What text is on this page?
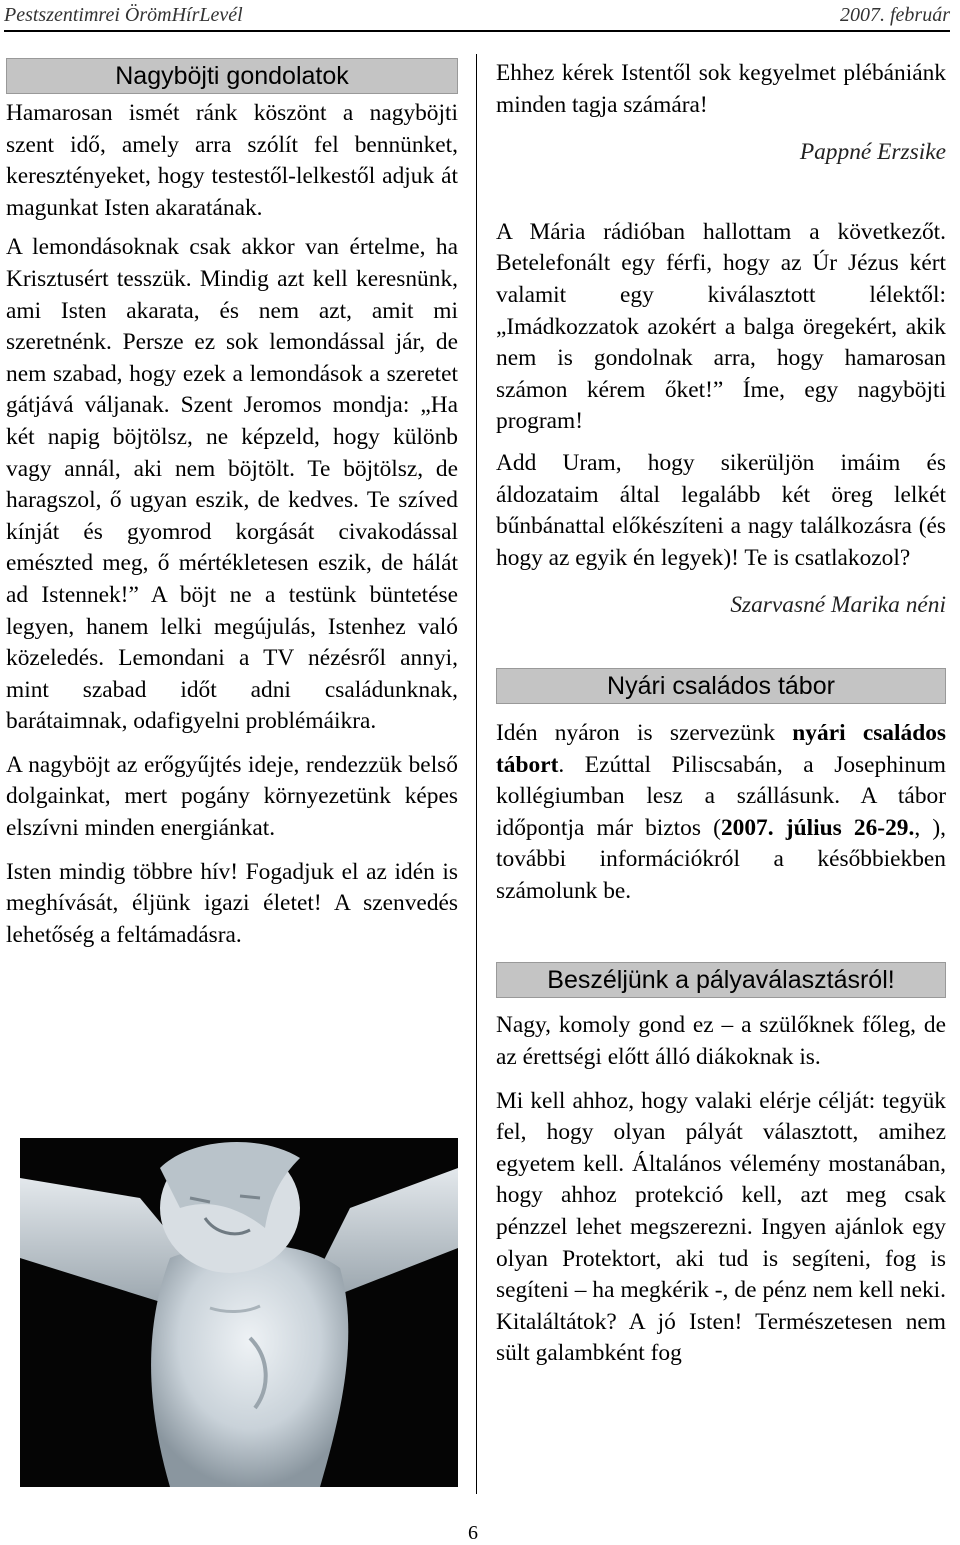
Pestszentimrei ÖrömHírLevél	2007. február
Nagyböjti gondolatok

Hamarosan ismét ránk köszönt a nagyböjti szent idő, amely arra szólít fel bennünket, keresztényeket, hogy testestől-lelkestől adjuk át magunkat Isten akaratának.

A lemondásoknak csak akkor van értelme, ha Krisztusért tesszük. Mindig azt kell keresnünk, ami Isten akarata, és nem azt, amit mi szeretnénk. Persze ez sok lemondással jár, de nem szabad, hogy ezek a lemondások a szeretet gátjává váljanak. Szent Jeromos mondja: „Ha két napig böjtölsz, ne képzeld, hogy különb vagy annál, aki nem böjtölt. Te böjtölsz, de haragszol, ő ugyan eszik, de kedves. Te szíved kínját és gyomrod korgását civakodással emészted meg, ő mértékletesen eszik, de hálát ad Istennek!” A böjt ne a testünk büntetése legyen, hanem lelki megújulás, Istenhez való közeledés. Lemondani a TV nézésről annyi, mint szabad időt adni családunknak, barátaimnak, odafigyelni problémáikra.

A nagyböjt az erőgyűjtés ideje, rendezzük belső dolgainkat, mert pogány környezetünk képes elszívni minden energiánkat.

Isten mindig többre hív! Fogadjuk el az idén is meghívását, éljünk igazi életet! A szenvedés lehetőség a feltámadásra.

Ehhez kérek Istentől sok kegyelmet plébániánk minden tagja számára!

Pappné Erzsike

A Mária rádióban hallottam a következőt. Betelefonált egy férfi, hogy az Úr Jézus kért valamit egy kiválasztott lélektől: „Imádkozzatok azokért a balga öregekért, akik nem is gondolnak arra, hogy hamarosan számon kérem őket!” Íme, egy nagyböjti program!

Add Uram, hogy sikerüljön imáim és áldozataim által legalább két öreg lelkét bűnbánattal előkészíteni a nagy találkozásra (és hogy az egyik én legyek)! Te is csatlakozol?

Szarvasné Marika néni

Nyári családos tábor

Idén nyáron is szervezünk nyári családos tábort. Ezúttal Piliscsabán, a Josephinum kollégiumban lesz a szállásunk. A tábor időpontja már biztos (2007. július 26-29., ), további információkról a későbbiekben számolunk be.

Beszéljünk a pályaválasztásról!

Nagy, komoly gond ez – a szülőknek főleg, de az érettségi előtt álló diákoknak is.

Mi kell ahhoz, hogy valaki elérje célját: tegyük fel, hogy olyan pályát választott, amihez egyetem kell. Általános vélemény mostanában, hogy ahhoz protekció kell, azt meg csak pénzzel lehet megszerezni. Ingyen ajánlok egy olyan Protektort, aki tud is segíteni, fog is segíteni – ha megkérik -, de pénz nem kell neki. Kitaláltátok? A jó Isten! Természetesen nem sült galambként fog

6
